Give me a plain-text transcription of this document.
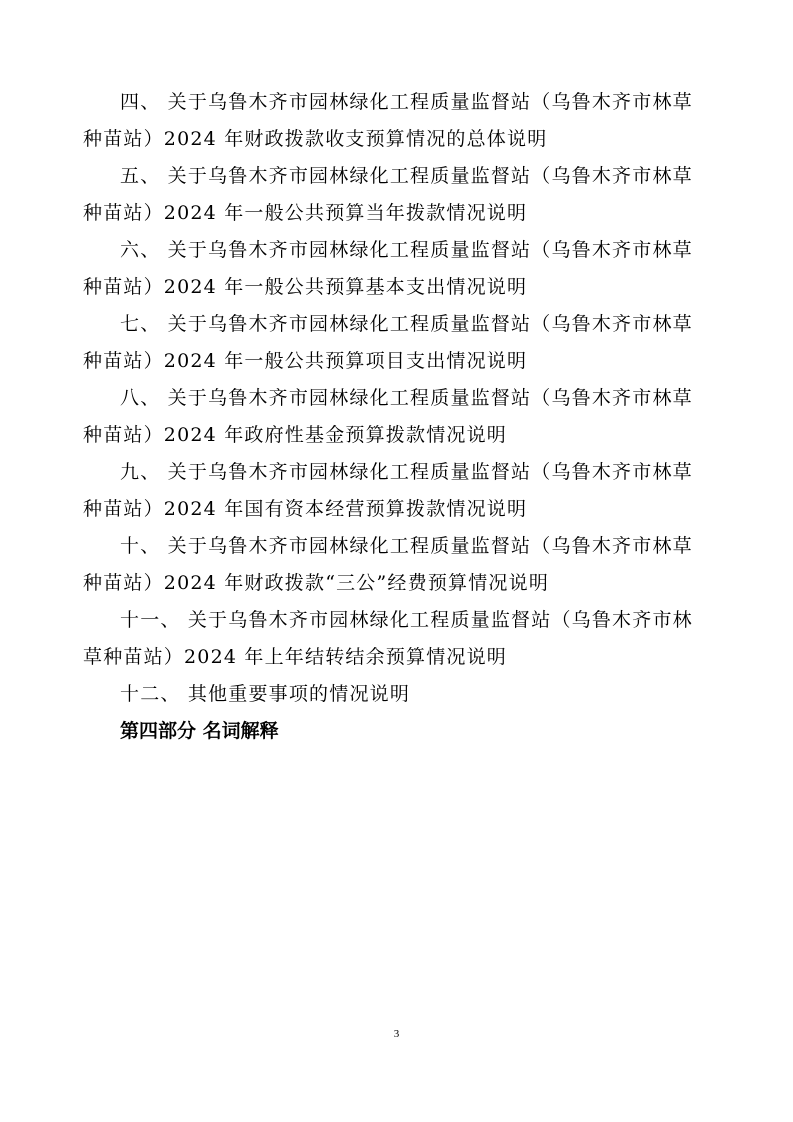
四、 关于乌鲁木齐市园林绿化工程质量监督站（乌鲁木齐市林草
种苗站）2024 年财政拨款收支预算情况的总体说明

五、 关于乌鲁木齐市园林绿化工程质量监督站（乌鲁木齐市林草
种苗站）2024 年一般公共预算当年拨款情况说明

六、 关于乌鲁木齐市园林绿化工程质量监督站（乌鲁木齐市林草
种苗站）2024 年一般公共预算基本支出情况说明

七、 关于乌鲁木齐市园林绿化工程质量监督站（乌鲁木齐市林草
种苗站）2024 年一般公共预算项目支出情况说明

八、 关于乌鲁木齐市园林绿化工程质量监督站（乌鲁木齐市林草
种苗站）2024 年政府性基金预算拨款情况说明

九、 关于乌鲁木齐市园林绿化工程质量监督站（乌鲁木齐市林草
种苗站）2024 年国有资本经营预算拨款情况说明

十、 关于乌鲁木齐市园林绿化工程质量监督站（乌鲁木齐市林草
种苗站）2024 年财政拨款“三公”经费预算情况说明

十一、 关于乌鲁木齐市园林绿化工程质量监督站（乌鲁木齐市林
草种苗站）2024 年上年结转结余预算情况说明

十二、 其他重要事项的情况说明

第四部分 名词解释

3
